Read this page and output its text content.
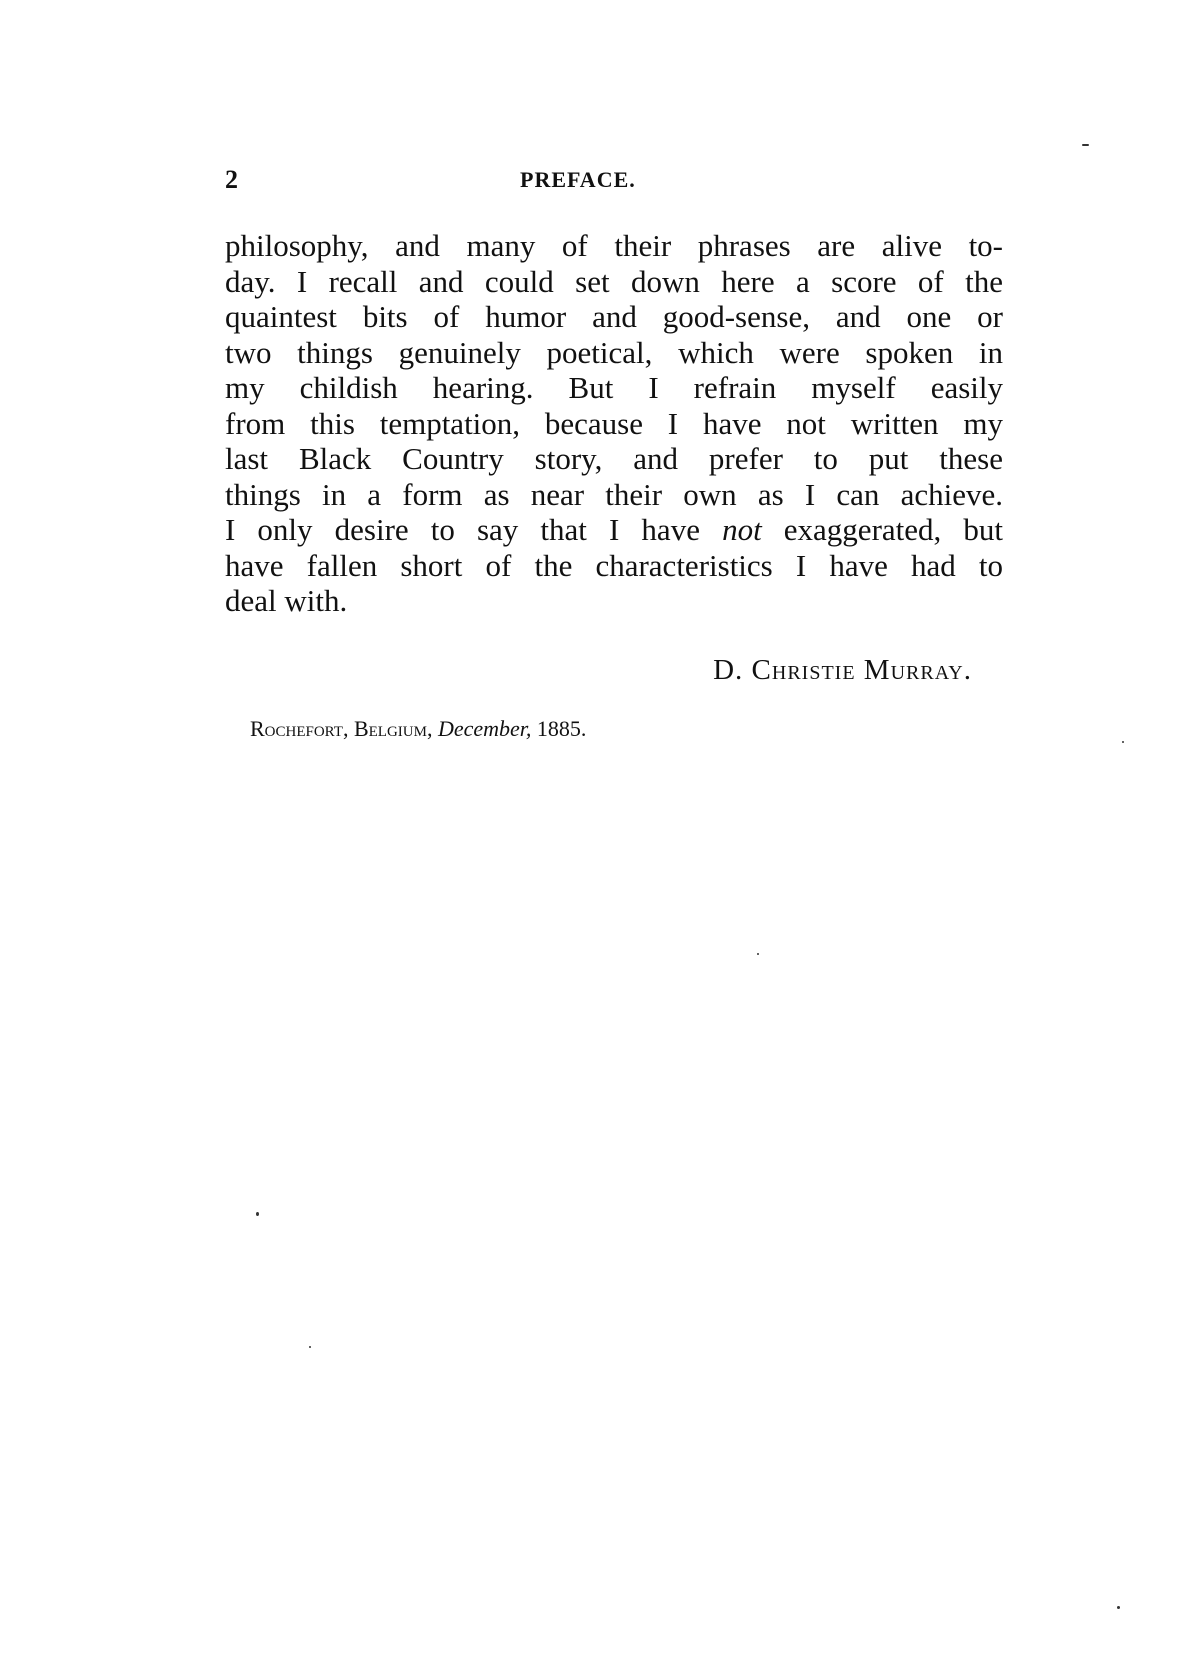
2	PREFACE.
philosophy, and many of their phrases are alive to-
day. I recall and could set down here a score of the
quaintest bits of humor and good-sense, and one or
two things genuinely poetical, which were spoken in
my childish hearing. But I refrain myself easily
from this temptation, because I have not written my
last Black Country story, and prefer to put these
things in a form as near their own as I can achieve.
I only desire to say that I have not exaggerated, but
have fallen short of the characteristics I have had to
deal with.
D. Christie Murray.
Rochefort, Belgium, December, 1885.
